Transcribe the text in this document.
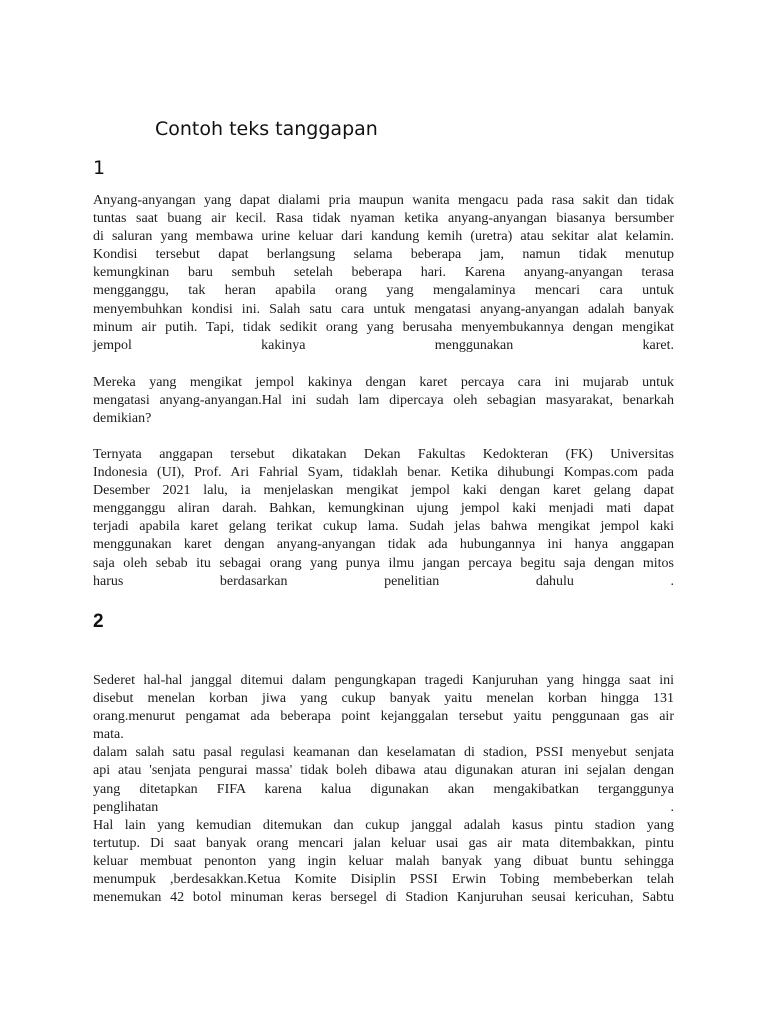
Contoh teks tanggapan
1

Anyang-anyangan yang dapat dialami pria maupun wanita mengacu pada rasa sakit dan tidak
tuntas saat buang air kecil. Rasa tidak nyaman ketika anyang-anyangan biasanya bersumber
di saluran yang membawa urine keluar dari kandung kemih (uretra) atau sekitar alat kelamin.
Kondisi tersebut dapat berlangsung selama beberapa jam, namun tidak menutup
kemungkinan baru sembuh setelah beberapa hari. Karena anyang-anyangan terasa
mengganggu, tak heran apabila orang yang mengalaminya mencari cara untuk
menyembuhkan kondisi ini. Salah satu cara untuk mengatasi anyang-anyangan adalah banyak
minum air putih. Tapi, tidak sedikit orang yang berusaha menyembukannya dengan mengikat
jempol kakinya menggunakan karet.

Mereka yang mengikat jempol kakinya dengan karet percaya cara ini mujarab untuk
mengatasi anyang-anyangan.Hal ini sudah lam dipercaya oleh sebagian masyarakat, benarkah
demikian?

Ternyata anggapan tersebut dikatakan Dekan Fakultas Kedokteran (FK) Universitas
Indonesia (UI), Prof. Ari Fahrial Syam, tidaklah benar. Ketika dihubungi Kompas.com pada
Desember 2021 lalu, ia menjelaskan mengikat jempol kaki dengan karet gelang dapat
mengganggu aliran darah. Bahkan, kemungkinan ujung jempol kaki menjadi mati dapat
terjadi apabila karet gelang terikat cukup lama. Sudah jelas bahwa mengikat jempol kaki
menggunakan karet dengan anyang-anyangan tidak ada hubungannya ini hanya anggapan
saja oleh sebab itu sebagai orang yang punya ilmu jangan percaya begitu saja dengan mitos
harus berdasarkan penelitian dahulu .

2

Sederet hal-hal janggal ditemui dalam pengungkapan tragedi Kanjuruhan yang hingga saat ini
disebut menelan korban jiwa yang cukup banyak yaitu menelan korban hingga 131
orang.menurut pengamat ada beberapa point kejanggalan tersebut yaitu penggunaan gas air
mata.
dalam salah satu pasal regulasi keamanan dan keselamatan di stadion, PSSI menyebut senjata
api atau 'senjata pengurai massa' tidak boleh dibawa atau digunakan aturan ini sejalan dengan
yang ditetapkan FIFA karena kalua digunakan akan mengakibatkan terganggunya
penglihatan .
Hal lain yang kemudian ditemukan dan cukup janggal adalah kasus pintu stadion yang
tertutup. Di saat banyak orang mencari jalan keluar usai gas air mata ditembakkan, pintu
keluar membuat penonton yang ingin keluar malah banyak yang dibuat buntu sehingga
menumpuk ,berdesakkan.Ketua Komite Disiplin PSSI Erwin Tobing membeberkan telah
menemukan 42 botol minuman keras bersegel di Stadion Kanjuruhan seusai kericuhan, Sabtu
